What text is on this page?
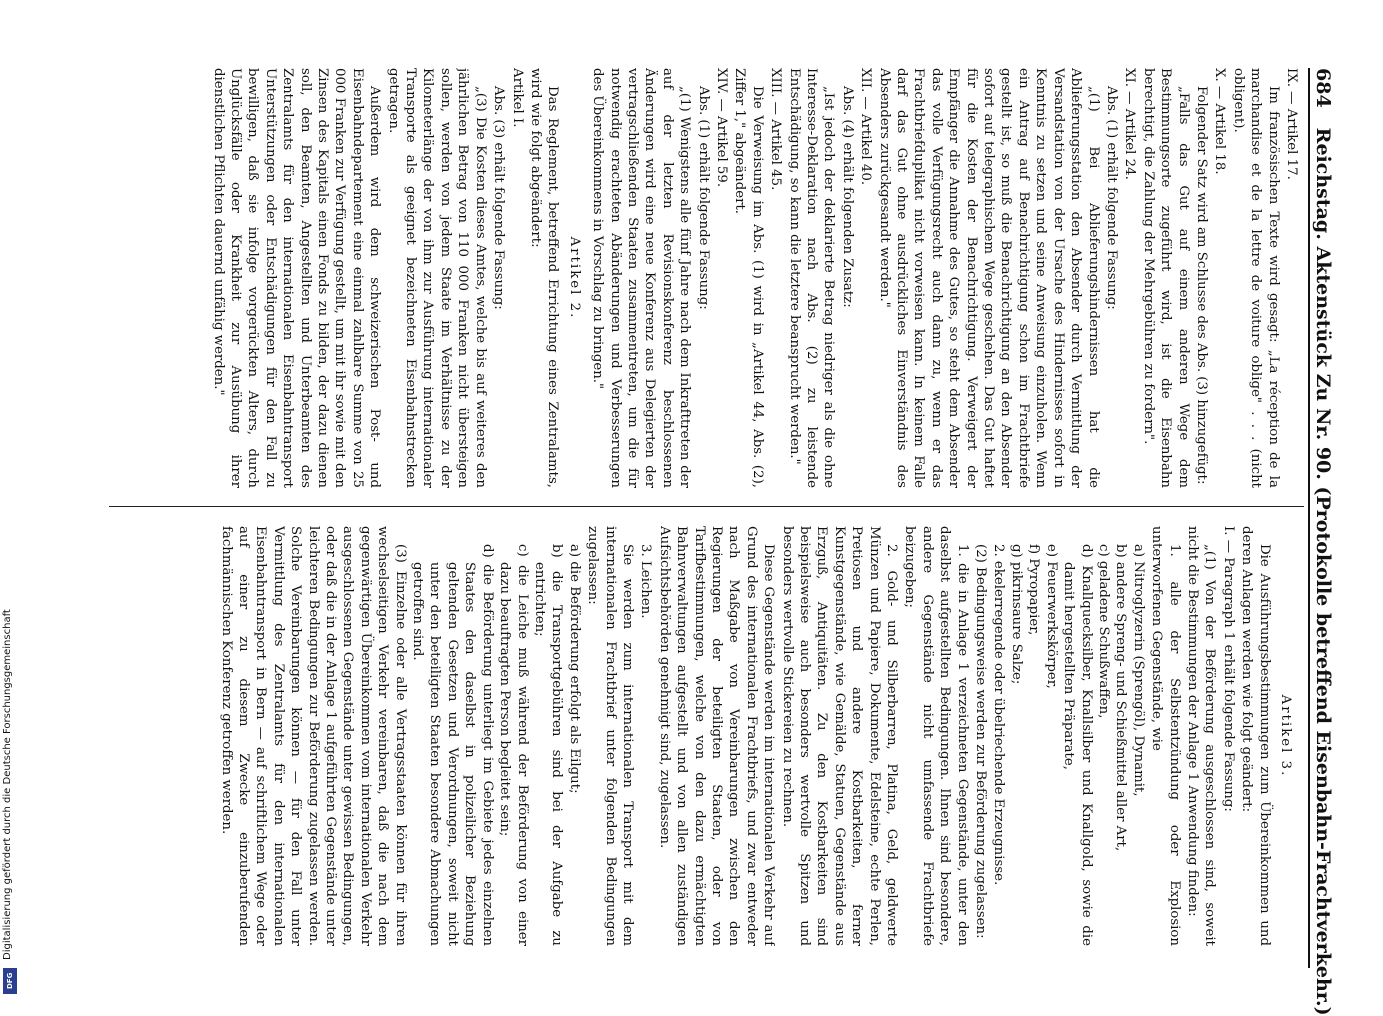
DFG
Digitalisierung gefördert durch die Deutsche Forschungsgemeinschaft
684
Reichstag. Aktenstück Zu Nr. 90. (Protokolle betreffend Eisenbahn-Frachtverkehr.)
IX. — Artikel 17.
Im französischen Texte wird gesagt: „La réception de la marchandise et de la lettre de voiture oblige" . . . (nicht obligent).
X. — Artikel 18.
Folgender Satz wird am Schlusse des Abs. (3) hinzugefügt:
„Falls das Gut auf einem anderen Wege dem Bestimmungsorte zugeführt wird, ist die Eisenbahn berechtigt, die Zahlung der Mehrgebühren zu fordern".
XI. — Artikel 24.
Abs. (1) erhält folgende Fassung:
„(1) Bei Ablieferungshindernissen hat die Ablieferungsstation den Absender durch Vermittlung der Versandstation von der Ursache des Hindernisses sofort in Kenntnis zu setzen und seine Anweisung einzuholen. Wenn ein Antrag auf Benachrichtigung schon im Frachtbriefe gestellt ist, so muß die Benachrichtigung an den Absender sofort auf telegraphischem Wege geschehen. Das Gut haftet für die Kosten der Benachrichtigung. Verweigert der Empfänger die Annahme des Gutes, so steht dem Absender das volle Verfügungsrecht auch dann zu, wenn er das Frachtbriefduplikat nicht vorweisen kann. In keinem Falle darf das Gut ohne ausdrückliches Einverständnis des Absenders zurückgesandt werden."
XII. — Artikel 40.
Abs. (4) erhält folgenden Zusatz:
„Ist jedoch der deklarierte Betrag niedriger als die ohne Interesse-Deklaration nach Abs. (2) zu leistende Entschädigung, so kann die letztere beansprucht werden."
XIII. — Artikel 45.
Die Verweisung im Abs. (1) wird in „Artikel 44, Abs. (2), Ziffer 1," abgeändert.
XIV. — Artikel 59.
Abs. (1) erhält folgende Fassung:
„(1) Wenigstens alle fünf Jahre nach dem Inkrafttreten der auf der letzten Revisionskonferenz beschlossenen Änderungen wird eine neue Konferenz aus Delegierten der vertragschließenden Staaten zusammentreten, um die für notwendig erachteten Abänderungen und Verbesserungen des Übereinkommens in Vorschlag zu bringen."
Artikel 2.
Das Reglement, betreffend Errichtung eines Zentralamts, wird wie folgt abgeändert:
Artikel I.
Abs. (3) erhält folgende Fassung:
„(3) Die Kosten dieses Amtes, welche bis auf weiteres den jährlichen Betrag von 110 000 Franken nicht übersteigen sollen, werden von jedem Staate im Verhältnisse zu der Kilometerlänge der von ihm zur Ausführung internationaler Transporte als geeignet bezeichneten Eisenbahnstrecken getragen.
Außerdem wird dem schweizerischen Post- und Eisenbahndepartement eine einmal zahlbare Summe von 25 000 Franken zur Verfügung gestellt, um mit ihr sowie mit den Zinsen des Kapitals einen Fonds zu bilden, der dazu dienen soll, den Beamten, Angestellten und Unterbeamten des Zentralamts für den internationalen Eisenbahntransport Unterstützungen oder Entschädigungen für den Fall zu bewilligen, daß sie infolge vorgerückten Alters, durch Unglücksfälle oder Krankheit zur Ausübung ihrer dienstlichen Pflichten dauernd unfähig werden."
Artikel 3.
Die Ausführungsbestimmungen zum Übereinkommen und deren Anlagen werden wie folgt geändert:
I. — Paragraph 1 erhält folgende Fassung:
„(1) Von der Beförderung ausgeschlossen sind, soweit nicht die Bestimmungen der Anlage 1 Anwendung finden:
1. alle der Selbstentzündung oder Explosion unterworfenen Gegenstände, wie
a) Nitroglyzerin (Sprengöl), Dynamit,
b) andere Spreng- und Schießmittel aller Art,
c) geladene Schußwaffen,
d) Knallquecksilber, Knallsilber und Knallgold, sowie die damit hergestellten Präparate,
e) Feuerwerkskörper,
f) Pyropapier,
g) pikrinsaure Salze;
2. ekelerregende oder übelriechende Erzeugnisse.
(2) Bedingungsweise werden zur Beförderung zugelassen:
1. die in Anlage 1 verzeichneten Gegenstände, unter den daselbst aufgestellten Bedingungen. Ihnen sind besondere, andere Gegenstände nicht umfassende Frachtbriefe beizugeben;
2. Gold- und Silberbarren, Platina, Geld, geldwerte Münzen und Papiere, Dokumente, Edelsteine, echte Perlen, Pretiosen und andere Kostbarkeiten, ferner Kunstgegenstände, wie Gemälde, Statuen, Gegenstände aus Erzguß, Antiquitäten. Zu den Kostbarkeiten sind beispielsweise auch besonders wertvolle Spitzen und besonders wertvolle Stickereien zu rechnen.
Diese Gegenstände werden im internationalen Verkehr auf Grund des internationalen Frachtbriefs, und zwar entweder nach Maßgabe von Vereinbarungen zwischen den Regierungen der beteiligten Staaten, oder von Tarifbestimmungen, welche von den dazu ermächtigten Bahnverwaltungen aufgestellt und von allen zuständigen Aufsichtsbehörden genehmigt sind, zugelassen.
3. Leichen.
Sie werden zum internationalen Transport mit dem internationalen Frachtbrief unter folgenden Bedingungen zugelassen:
a) die Beförderung erfolgt als Eilgut;
b) die Transportgebühren sind bei der Aufgabe zu entrichten;
c) die Leiche muß während der Beförderung von einer dazu beauftragten Person begleitet sein;
d) die Beförderung unterliegt im Gebiete jedes einzelnen Staates den daselbst in polizeilicher Beziehung geltenden Gesetzen und Verordnungen, soweit nicht unter den beteiligten Staaten besondere Abmachungen getroffen sind.
(3) Einzelne oder alle Vertragsstaaten können für ihren wechselseitigen Verkehr vereinbaren, daß die nach dem gegenwärtigen Übereinkommen vom internationalen Verkehr ausgeschlossenen Gegenstände unter gewissen Bedingungen, oder daß die in der Anlage 1 aufgeführten Gegenstände unter leichteren Bedingungen zur Beförderung zugelassen werden. Solche Vereinbarungen können — für den Fall unter Vermittlung des Zentralamts für den internationalen Eisenbahntransport in Bern — auf schriftlichem Wege oder auf einer zu diesem Zwecke einzuberufenden fachmännischen Konferenz getroffen werden.
